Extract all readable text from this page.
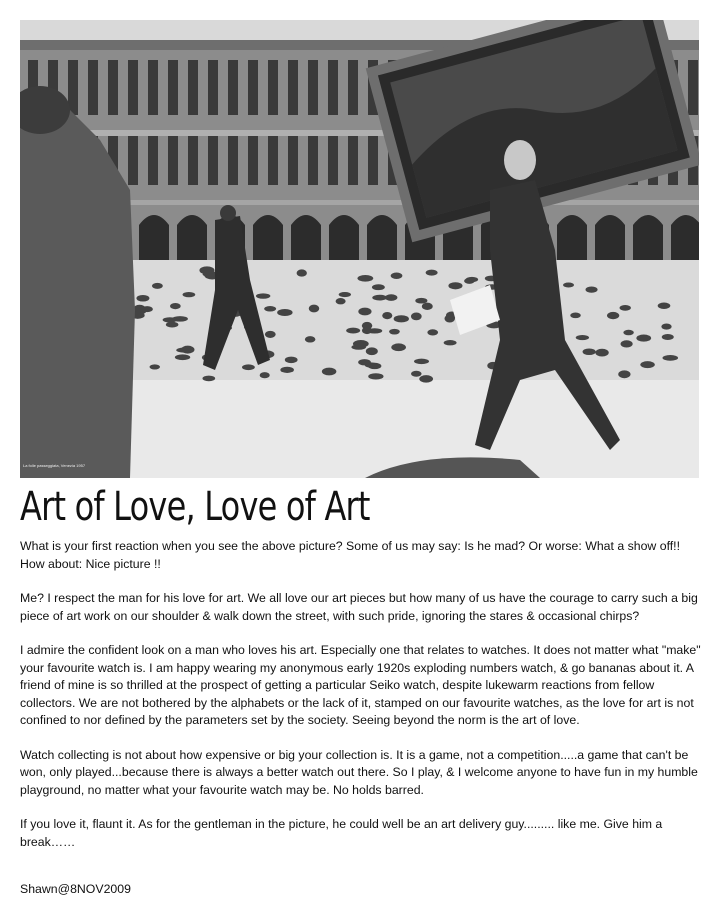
La folle passeggiata, Venezia 1957
Art of Love, Love of Art

What is your first reaction when you see the above picture? Some of us may say: Is he mad? Or worse: What a show off!! How about: Nice picture !!

Me? I respect the man for his love for art. We all love our art pieces but how many of us have the courage to carry such a big piece of art work on our shoulder & walk down the street, with such pride, ignoring the stares & occasional chirps?

I admire the confident look on a man who loves his art. Especially one that relates to watches. It does not matter what "make" your favourite watch is. I am happy wearing my anonymous early 1920s exploding numbers watch, & go bananas about it. A friend of mine is so thrilled at the prospect of getting a particular Seiko watch, despite lukewarm reactions from fellow collectors. We are not bothered by the alphabets or the lack of it, stamped on our favourite watches, as the love for art is not confined to nor defined by the parameters set by the society. Seeing beyond the norm is the art of love.

Watch collecting is not about how expensive or big your collection is. It is a game, not a competition.....a game that can't be won, only played...because there is always a better watch out there. So I play, & I welcome anyone to have fun in my humble playground, no matter what your favourite watch may be. No holds barred.

If you love it, flaunt it. As for the gentleman in the picture, he could well be an art delivery guy......... like me. Give him a break……

Shawn@8NOV2009
